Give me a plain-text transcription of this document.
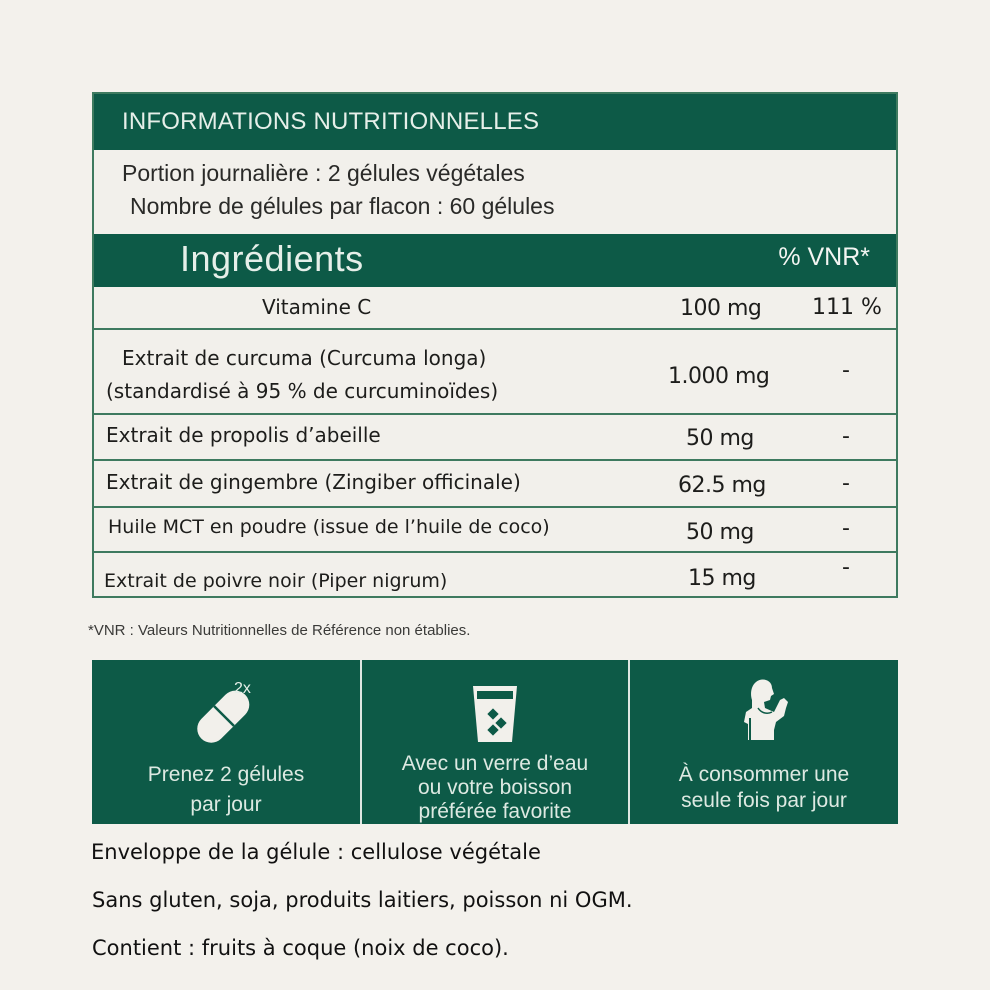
INFORMATIONS NUTRITIONNELLES
Portion journalière : 2 gélules végétales
Nombre de gélules par flacon : 60 gélules
Ingrédients	% VNR*
Vitamine C	100 mg 111 %
Extrait de curcuma (Curcuma longa)
(standardisé à 95 % de curcuminoïdes)
1.000 mg	-
Extrait de propolis d’abeille	50 mg	-
Extrait de gingembre (Zingiber officinale)	62.5 mg	-
Huile MCT en poudre (issue de l’huile de coco)	50 mg	-
Extrait de poivre noir (Piper nigrum)	15 mg	-
*VNR : Valeurs Nutritionnelles de Référence non établies.
2x
Prenez 2 gélules
par jour
Avec un verre d’eau
ou votre boisson
préférée favorite
À consommer une
seule fois par jour

Enveloppe de la gélule : cellulose végétale

Sans gluten, soja, produits laitiers, poisson ni OGM.

Contient : fruits à coque (noix de coco).
